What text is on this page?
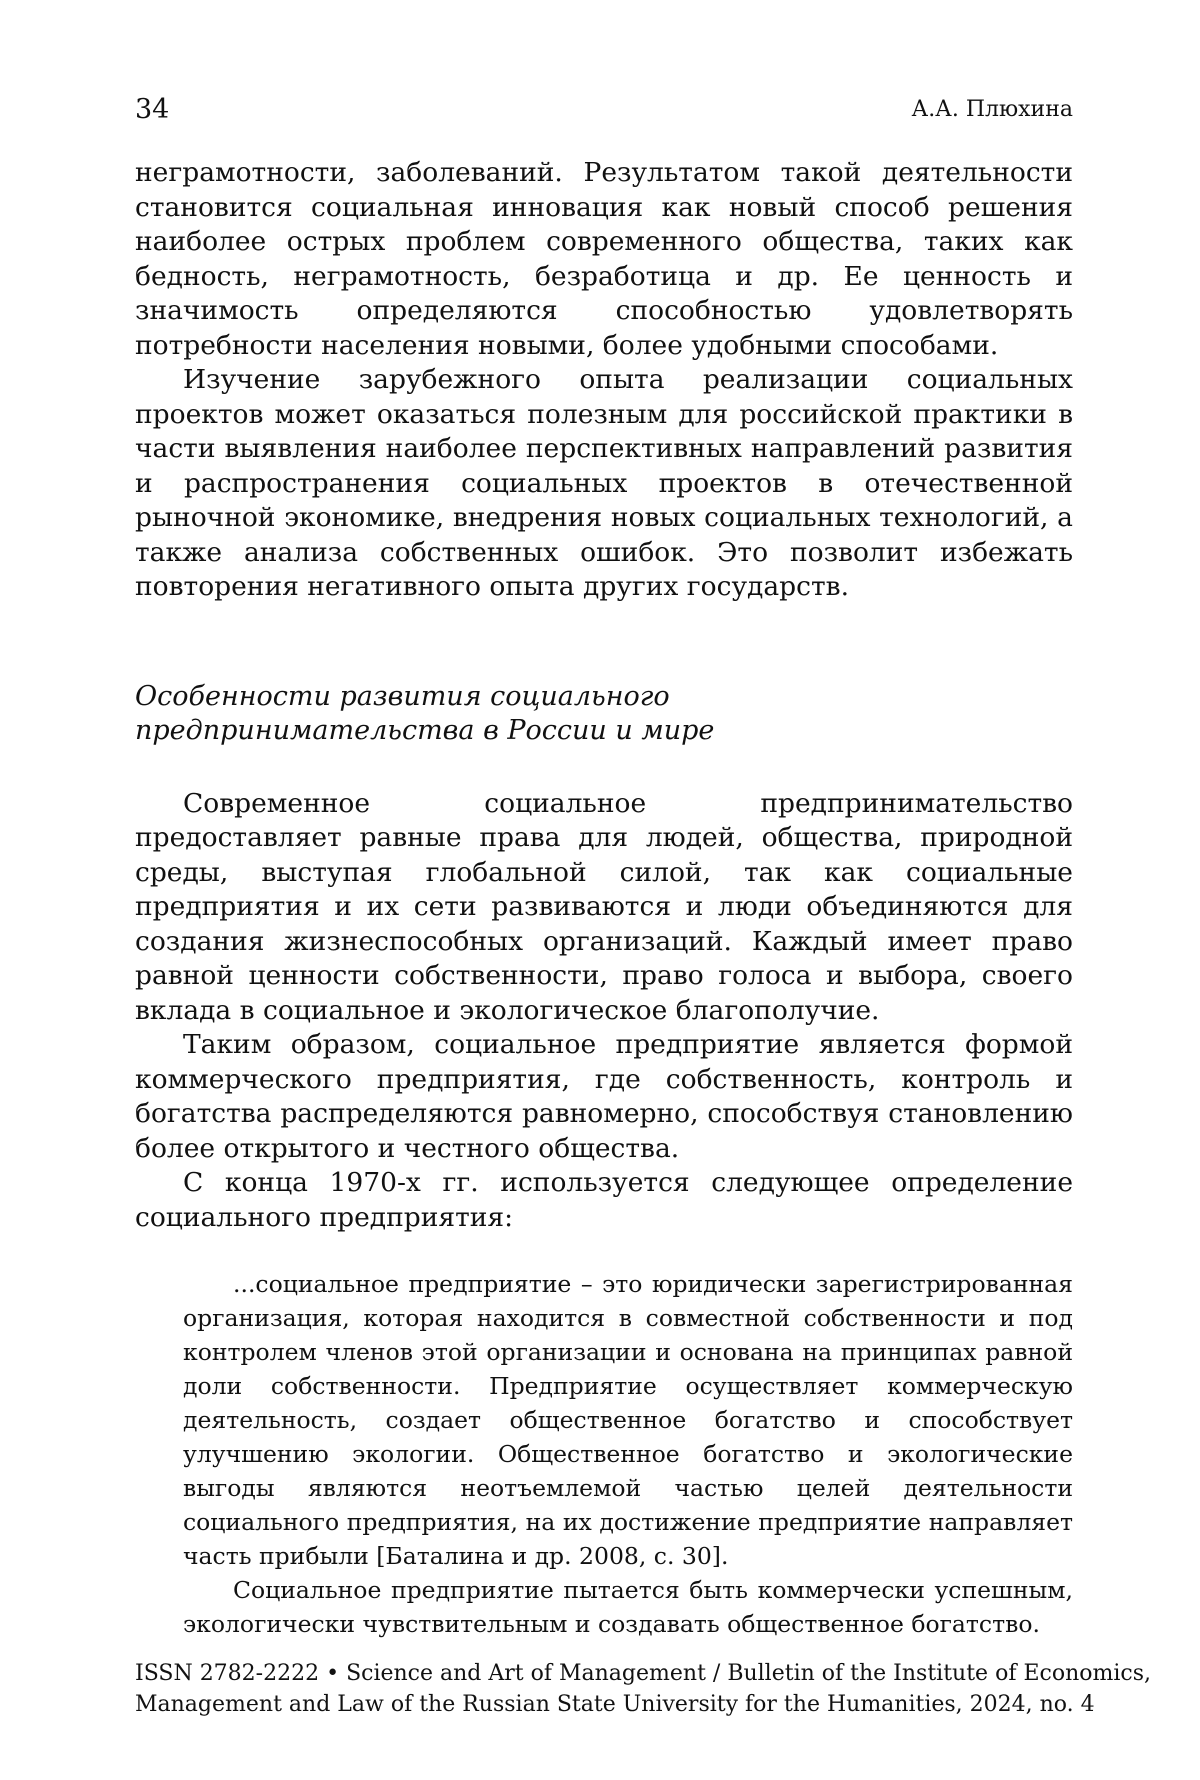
34	А.А. Плюхина

неграмотности, заболеваний. Результатом такой деятельности становится социальная инновация как новый способ решения наиболее острых проблем современного общества, таких как бедность, неграмотность, безработица и др. Ее ценность и значимость определяются способностью удовлетворять потребности населения новыми, более удобными способами.

Изучение зарубежного опыта реализации социальных проектов может оказаться полезным для российской практики в части выявления наиболее перспективных направлений развития и распространения социальных проектов в отечественной рыночной экономике, внедрения новых социальных технологий, а также анализа собственных ошибок. Это позволит избежать повторения негативного опыта других государств.

Особенности развития социального
предпринимательства в России и мире

Современное социальное предпринимательство предоставляет равные права для людей, общества, природной среды, выступая глобальной силой, так как социальные предприятия и их сети развиваются и люди объединяются для создания жизнеспособных организаций. Каждый имеет право равной ценности собственности, право голоса и выбора, своего вклада в социальное и экологическое благополучие.

Таким образом, социальное предприятие является формой коммерческого предприятия, где собственность, контроль и богатства распределяются равномерно, способствуя становлению более открытого и честного общества.

С конца 1970-х гг. используется следующее определение социального предприятия:

...социальное предприятие – это юридически зарегистрированная организация, которая находится в совместной собственности и под контролем членов этой организации и основана на принципах равной доли собственности. Предприятие осуществляет коммерческую деятельность, создает общественное богатство и способствует улучшению экологии. Общественное богатство и экологические выгоды являются неотъемлемой частью целей деятельности социального предприятия, на их достижение предприятие направляет часть прибыли [Баталина и др. 2008, с. 30].

Социальное предприятие пытается быть коммерчески успешным, экологически чувствительным и создавать общественное богатство.

ISSN 2782-2222 • Science and Art of Management / Bulletin of the Institute of Economics,
Management and Law of the Russian State University for the Humanities, 2024, no. 4
